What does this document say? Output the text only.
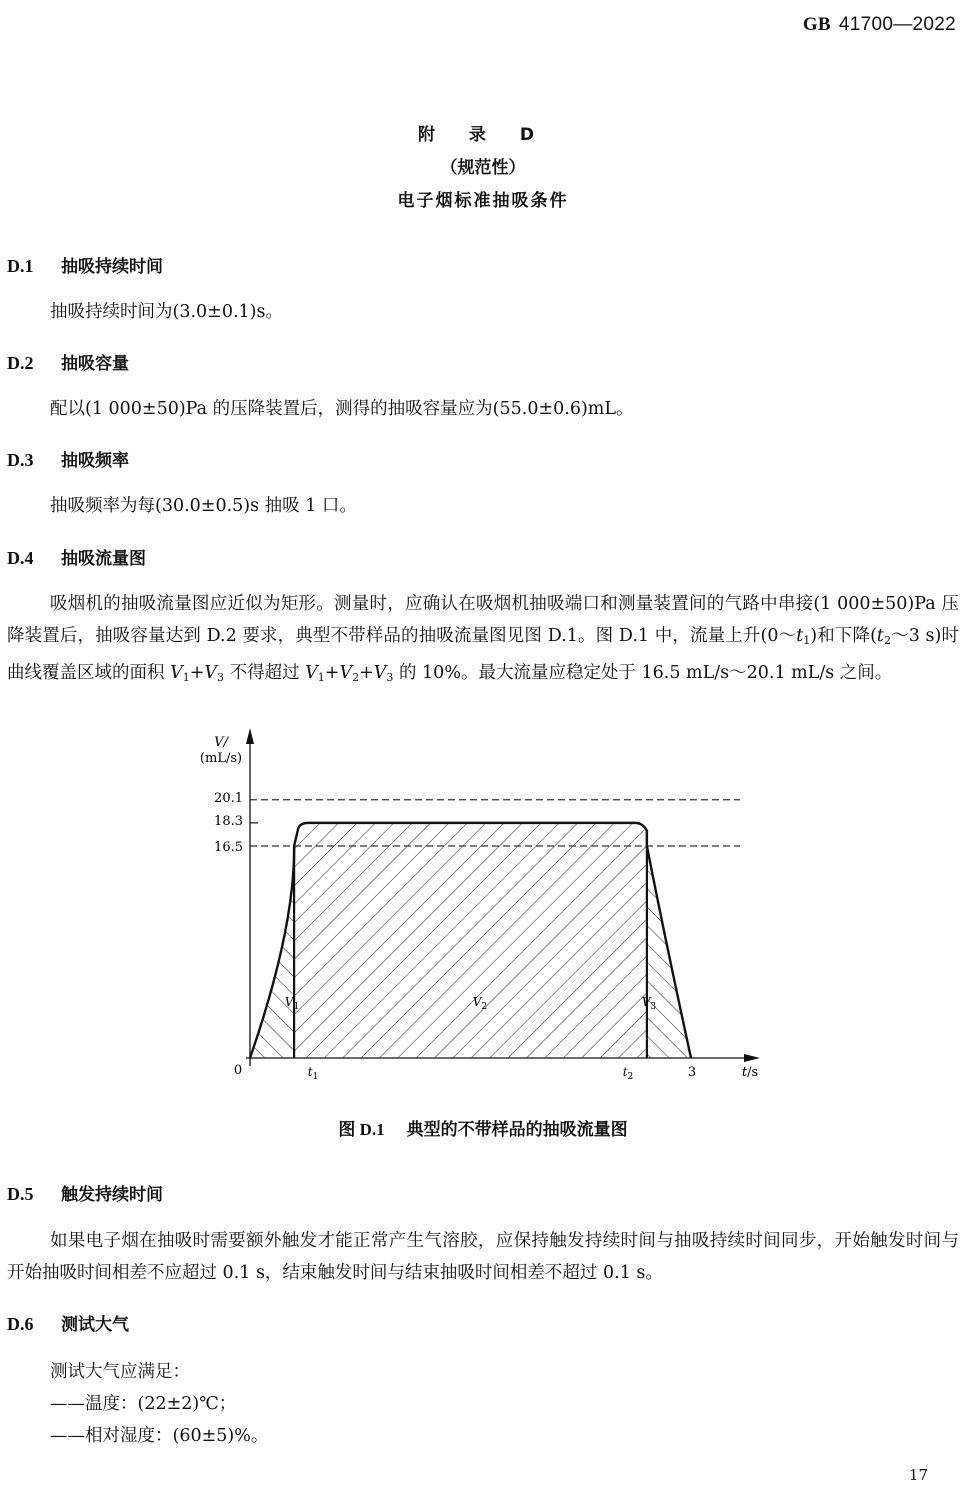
GB 41700—2022
附 录 D
（规范性）
电子烟标准抽吸条件
D.1 抽吸持续时间
抽吸持续时间为(3.0±0.1)s。
D.2 抽吸容量
配以(1 000±50)Pa 的压降装置后，测得的抽吸容量应为(55.0±0.6)mL。
D.3 抽吸频率
抽吸频率为每(30.0±0.5)s 抽吸 1 口。
D.4 抽吸流量图
吸烟机的抽吸流量图应近似为矩形。测量时，应确认在吸烟机抽吸端口和测量装置间的气路中串接(1 000±50)Pa 压降装置后，抽吸容量达到 D.2 要求，典型不带样品的抽吸流量图见图 D.1。图 D.1 中，流量上升$(0\sim t_1)$和下降($t_2\sim 3$ s)时曲线覆盖区域的面积 $V_1+V_3$ 不得超过 $V_1+V_2+V_3$ 的 10%。最大流量应稳定处于 16.5 mL/s～20.1 mL/s 之间。
V/
(mL/s)
20.1
18.3
16.5
0	$t_1$	$t_2$	3	t/s
$V_1$	$V_2$	$V_3$
图 D.1 典型的不带样品的抽吸流量图
D.5 触发持续时间
如果电子烟在抽吸时需要额外触发才能正常产生气溶胶，应保持触发持续时间与抽吸持续时间同步，开始触发时间与开始抽吸时间相差不应超过 0.1 s，结束触发时间与结束抽吸时间相差不超过 0.1 s。
D.6 测试大气
测试大气应满足：
——温度：(22±2)℃；
——相对湿度：(60±5)%。
17
